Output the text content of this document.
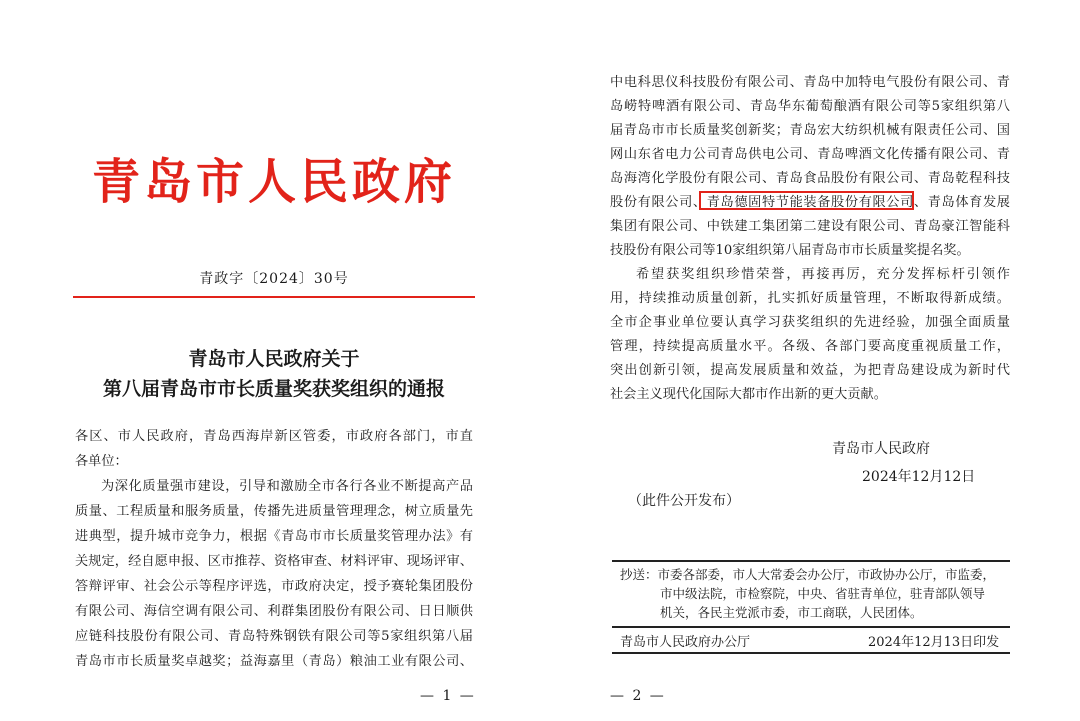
青岛市人民政府
青政字〔2024〕30号
青岛市人民政府关于
第八届青岛市市长质量奖获奖组织的通报
各区、市人民政府，青岛西海岸新区管委，市政府各部门，市直
各单位：
为深化质量强市建设，引导和激励全市各行各业不断提高产品
质量、工程质量和服务质量，传播先进质量管理理念，树立质量先
进典型，提升城市竞争力，根据《青岛市市长质量奖管理办法》有
关规定，经自愿申报、区市推荐、资格审查、材料评审、现场评审、
答辩评审、社会公示等程序评选，市政府决定，授予赛轮集团股份
有限公司、海信空调有限公司、利群集团股份有限公司、日日顺供
应链科技股份有限公司、青岛特殊钢铁有限公司等5家组织第八届
青岛市市长质量奖卓越奖；益海嘉里（青岛）粮油工业有限公司、
— 1 —
中电科思仪科技股份有限公司、青岛中加特电气股份有限公司、青
岛崂特啤酒有限公司、青岛华东葡萄酿酒有限公司等5家组织第八
届青岛市市长质量奖创新奖；青岛宏大纺织机械有限责任公司、国
网山东省电力公司青岛供电公司、青岛啤酒文化传播有限公司、青
岛海湾化学股份有限公司、青岛食品股份有限公司、青岛乾程科技
股份有限公司、青岛德固特节能装备股份有限公司、青岛体育发展
集团有限公司、中铁建工集团第二建设有限公司、青岛豪江智能科
技股份有限公司等10家组织第八届青岛市市长质量奖提名奖。
希望获奖组织珍惜荣誉，再接再厉，充分发挥标杆引领作
用，持续推动质量创新，扎实抓好质量管理，不断取得新成绩。
全市企事业单位要认真学习获奖组织的先进经验，加强全面质量
管理，持续提高质量水平。各级、各部门要高度重视质量工作，
突出创新引领，提高发展质量和效益，为把青岛建设成为新时代
社会主义现代化国际大都市作出新的更大贡献。
青岛市人民政府
2024年12月12日
（此件公开发布）
抄送：市委各部委，市人大常委会办公厅，市政协办公厅，市监委，
市中级法院，市检察院，中央、省驻青单位，驻青部队领导
机关，各民主党派市委，市工商联，人民团体。
青岛市人民政府办公厅	2024年12月13日印发
— 2 —
